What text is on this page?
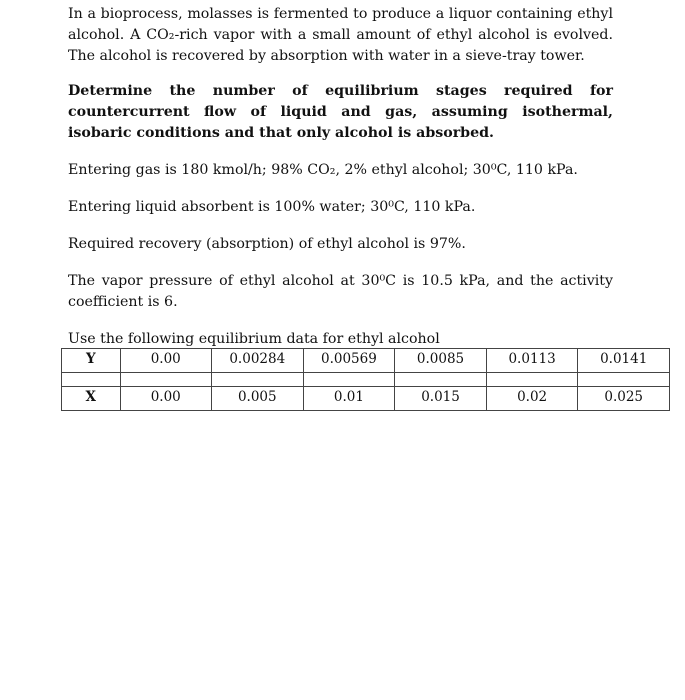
In a bioprocess, molasses is fermented to produce a liquor containing ethyl alcohol. A CO₂-rich vapor with a small amount of ethyl alcohol is evolved. The alcohol is recovered by absorption with water in a sieve-tray tower.

Determine the number of equilibrium stages required for countercurrent flow of liquid and gas, assuming isothermal, isobaric conditions and that only alcohol is absorbed.

Entering gas is 180 kmol/h; 98% CO₂, 2% ethyl alcohol; 30⁰C, 110 kPa.

Entering liquid absorbent is 100% water; 30⁰C, 110 kPa.

Required recovery (absorption) of ethyl alcohol is 97%.

The vapor pressure of ethyl alcohol at 30⁰C is 10.5 kPa, and the activity coefficient is 6.

Use the following equilibrium data for ethyl alcohol

Y	0.00	0.00284	0.00569	0.0085	0.0113	0.0141

X	0.00	0.005	0.01	0.015	0.02	0.025
